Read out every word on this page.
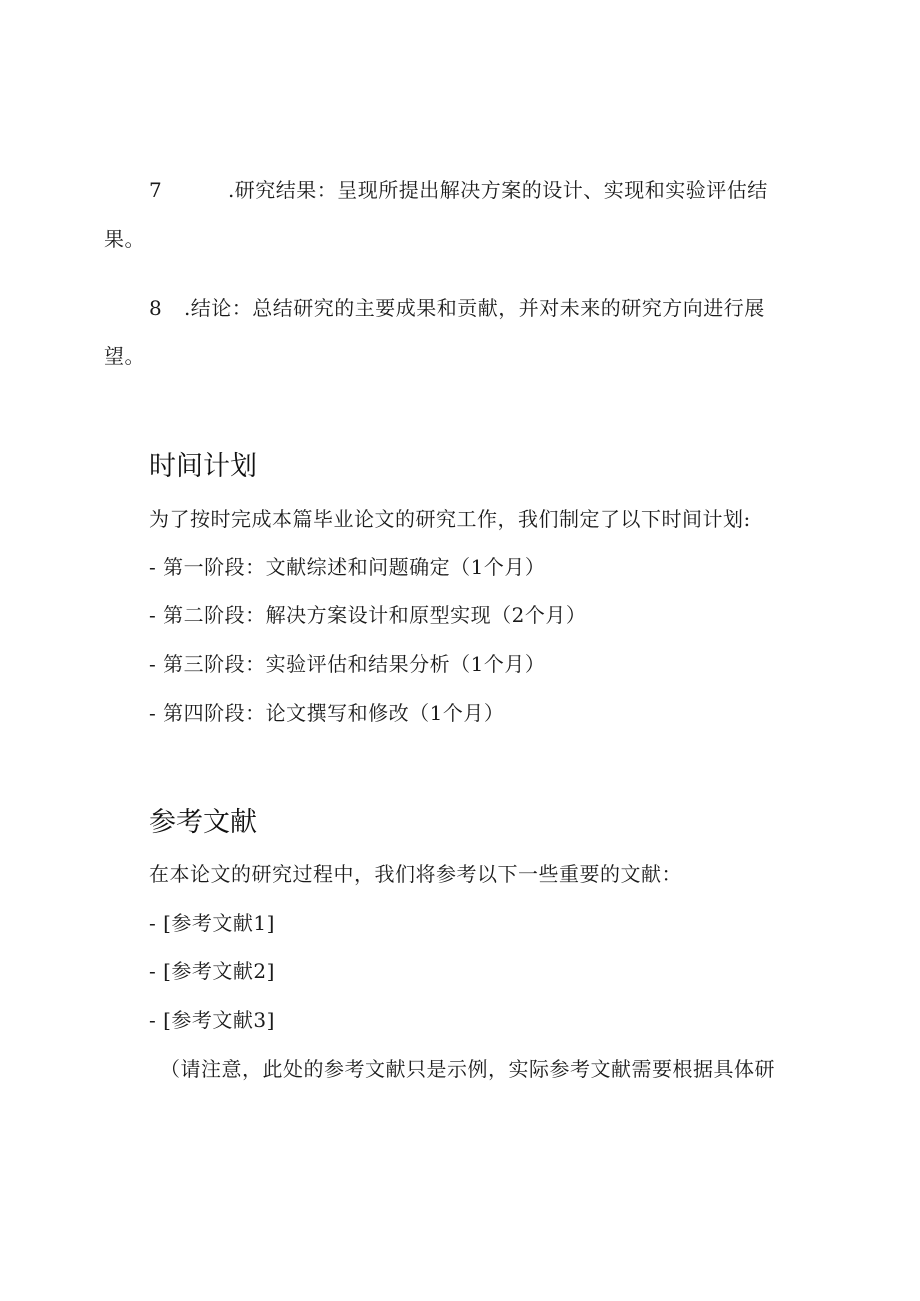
7	.研究结果：呈现所提出解决方案的设计、实现和实验评估结
果。
8 .结论：总结研究的主要成果和贡献，并对未来的研究方向进行展
望。
时间计划
为了按时完成本篇毕业论文的研究工作，我们制定了以下时间计划:
- 第一阶段：文献综述和问题确定（1个月）
- 第二阶段：解决方案设计和原型实现（2个月）
- 第三阶段：实验评估和结果分析（1个月）
- 第四阶段：论文撰写和修改（1个月）
参考文献
在本论文的研究过程中，我们将参考以下一些重要的文献：
- [参考文献1]
- [参考文献2]
- [参考文献3]
（请注意，此处的参考文献只是示例，实际参考文献需要根据具体研
